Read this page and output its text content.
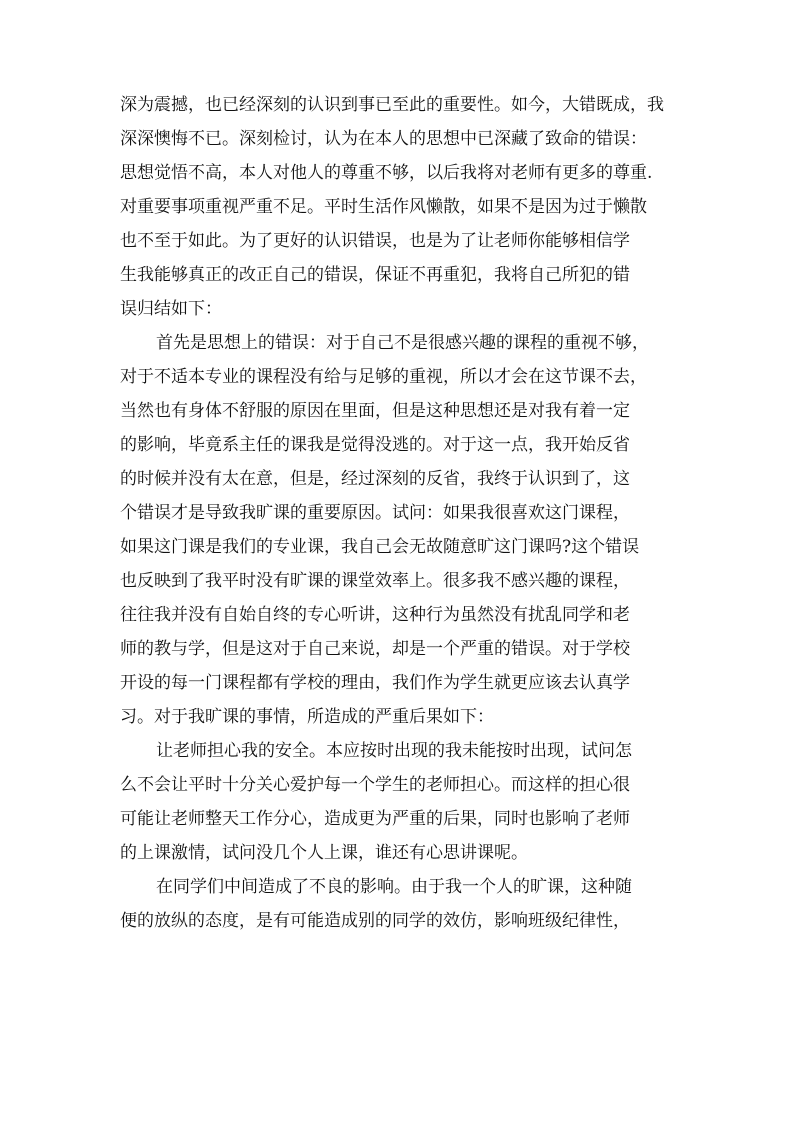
深为震撼，也已经深刻的认识到事已至此的重要性。如今，大错既成，我
深深懊悔不已。深刻检讨，认为在本人的思想中已深藏了致命的错误：
思想觉悟不高，本人对他人的尊重不够，以后我将对老师有更多的尊重.
对重要事项重视严重不足。平时生活作风懒散，如果不是因为过于懒散
也不至于如此。为了更好的认识错误，也是为了让老师你能够相信学
生我能够真正的改正自己的错误，保证不再重犯，我将自己所犯的错
误归结如下：
首先是思想上的错误：对于自己不是很感兴趣的课程的重视不够，
对于不适本专业的课程没有给与足够的重视，所以才会在这节课不去，
当然也有身体不舒服的原因在里面，但是这种思想还是对我有着一定
的影响，毕竟系主任的课我是觉得没逃的。对于这一点，我开始反省
的时候并没有太在意，但是，经过深刻的反省，我终于认识到了，这
个错误才是导致我旷课的重要原因。试问：如果我很喜欢这门课程，
如果这门课是我们的专业课，我自己会无故随意旷这门课吗?这个错误
也反映到了我平时没有旷课的课堂效率上。很多我不感兴趣的课程，
往往我并没有自始自终的专心听讲，这种行为虽然没有扰乱同学和老
师的教与学，但是这对于自己来说，却是一个严重的错误。对于学校
开设的每一门课程都有学校的理由，我们作为学生就更应该去认真学
习。对于我旷课的事情，所造成的严重后果如下：
让老师担心我的安全。本应按时出现的我未能按时出现，试问怎
么不会让平时十分关心爱护每一个学生的老师担心。而这样的担心很
可能让老师整天工作分心，造成更为严重的后果，同时也影响了老师
的上课激情，试问没几个人上课，谁还有心思讲课呢。
在同学们中间造成了不良的影响。由于我一个人的旷课，这种随
便的放纵的态度，是有可能造成别的同学的效仿，影响班级纪律性，
